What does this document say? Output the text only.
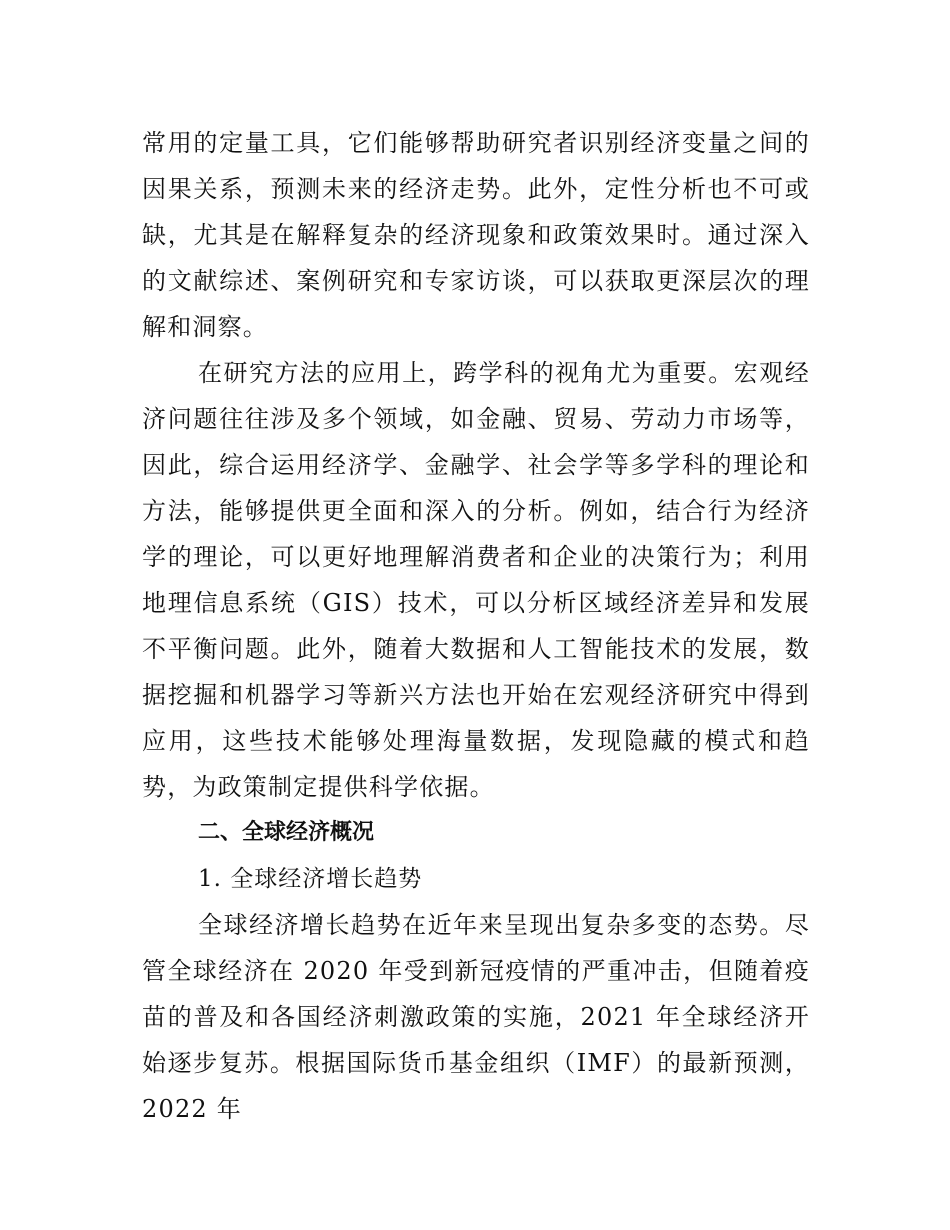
常用的定量工具，它们能够帮助研究者识别经济变量之间的因果关系，预测未来的经济走势。此外，定性分析也不可或缺，尤其是在解释复杂的经济现象和政策效果时。通过深入的文献综述、案例研究和专家访谈，可以获取更深层次的理解和洞察。

在研究方法的应用上，跨学科的视角尤为重要。宏观经济问题往往涉及多个领域，如金融、贸易、劳动力市场等，因此，综合运用经济学、金融学、社会学等多学科的理论和方法，能够提供更全面和深入的分析。例如，结合行为经济学的理论，可以更好地理解消费者和企业的决策行为；利用地理信息系统（GIS）技术，可以分析区域经济差异和发展不平衡问题。此外，随着大数据和人工智能技术的发展，数据挖掘和机器学习等新兴方法也开始在宏观经济研究中得到应用，这些技术能够处理海量数据，发现隐藏的模式和趋势，为政策制定提供科学依据。

二、全球经济概况

1. 全球经济增长趋势

全球经济增长趋势在近年来呈现出复杂多变的态势。尽管全球经济在 2020 年受到新冠疫情的严重冲击，但随着疫苗的普及和各国经济刺激政策的实施，2021 年全球经济开始逐步复苏。根据国际货币基金组织（IMF）的最新预测，2022 年
